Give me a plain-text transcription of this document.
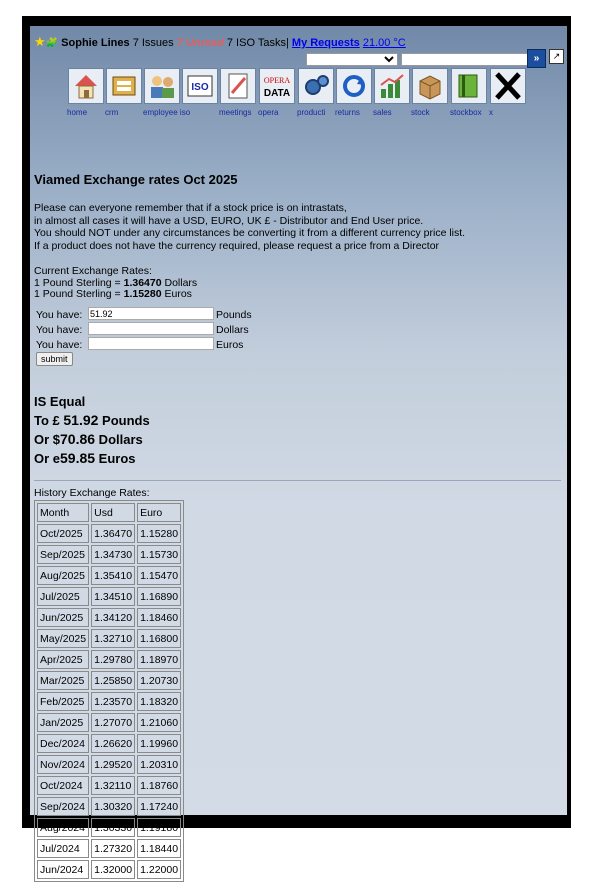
★🧩 Sophie Lines 7 Issues 7 Unread 7 ISO Tasks| My Requests 21.00 °C
»	↗
Viamed Exchange rates Oct 2025
Please can everyone remember that if a stock price is on intrastats,
in almost all cases it will have a USD, EURO, UK £ - Distributor and End User price.
You should NOT under any circumstances be converting it from a different currency price list.
If a product does not have the currency required, please request a price from a Director
Current Exchange Rates:
1 Pound Sterling = 1.36470 Dollars
1 Pound Sterling = 1.15280 Euros
You have:
51.92	Pounds
You have:	Dollars
You have:	Euros
submit
IS Equal
To £ 51.92 Pounds
Or $70.86 Dollars
Or e59.85 Euros
History Exchange Rates:
Month	Usd	Euro
Oct/2025	1.36470	1.15280
Sep/2025	1.34730	1.15730
Aug/2025	1.35410	1.15470
Jul/2025	1.34510	1.16890
Jun/2025	1.34120	1.18460
May/2025	1.32710	1.16800
Apr/2025	1.29780	1.18970
Mar/2025	1.25850	1.20730
Feb/2025	1.23570	1.18320
Jan/2025	1.27070	1.21060
Dec/2024	1.26620	1.19960
Nov/2024	1.29520	1.20310
Oct/2024	1.32110	1.18760
Sep/2024	1.30320	1.17240
Aug/2024	1.30330	1.19180
Jul/2024	1.27320	1.18440
Jun/2024	1.32000	1.22000
home crm	employee iso
ISO
meetings
OPERA
DATA
opera producti returns sales stock	stockbox x
